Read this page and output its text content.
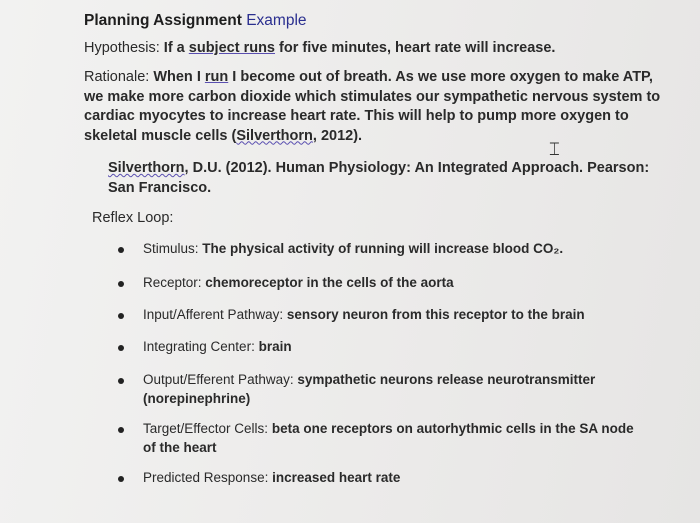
Planning Assignment Example
Hypothesis: If a subject runs for five minutes, heart rate will increase.
Rationale: When I run I become out of breath. As we use more oxygen to make ATP, we make more carbon dioxide which stimulates our sympathetic nervous system to cardiac myocytes to increase heart rate. This will help to pump more oxygen to skeletal muscle cells (Silverthorn, 2012).
⌶
Silverthorn, D.U. (2012). Human Physiology: An Integrated Approach. Pearson: San Francisco.
Reflex Loop:
Stimulus: The physical activity of running will increase blood CO₂.
Receptor: chemoreceptor in the cells of the aorta
Input/Afferent Pathway: sensory neuron from this receptor to the brain
Integrating Center: brain
Output/Efferent Pathway: sympathetic neurons release neurotransmitter (norepinephrine)
Target/Effector Cells: beta one receptors on autorhythmic cells in the SA node of the heart
Predicted Response: increased heart rate
